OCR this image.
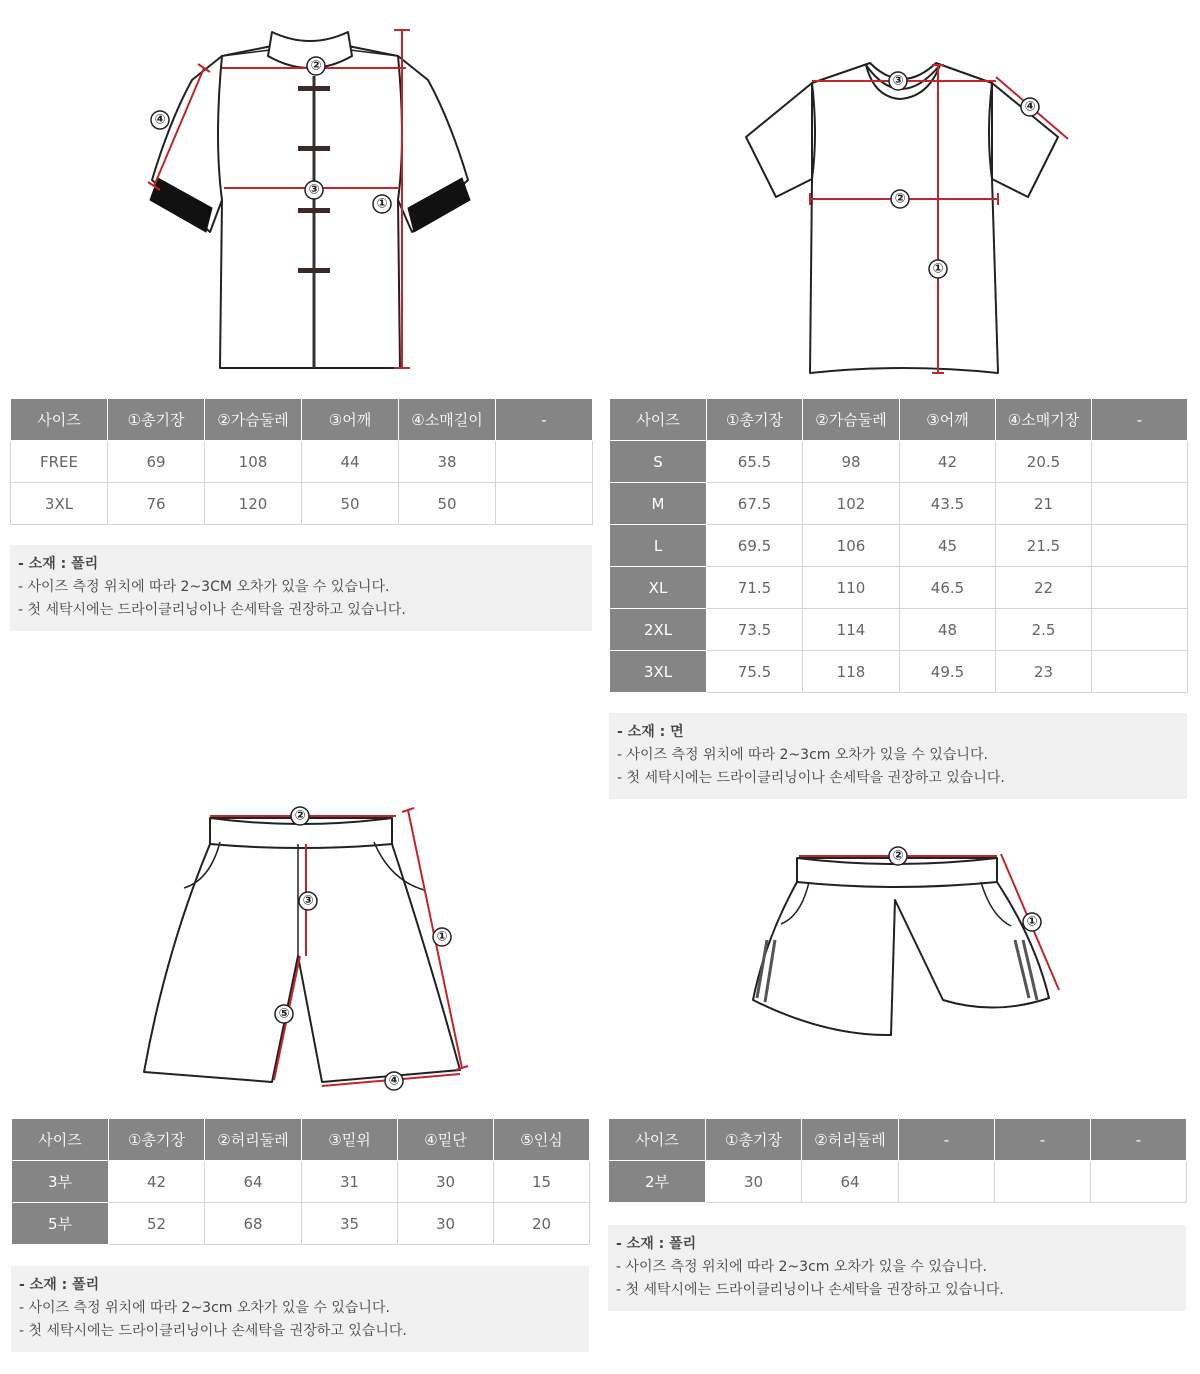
②
③
①
④
③
②
①
④
②
③
①
④
⑤
②
①
사이즈	①총기장	②가슴둘레	③어깨	④소매길이	-
FREE	69	108	44	38	
3XL	76	120	50	50	
- 소재 : 폴리
- 사이즈 측정 위치에 따라 2~3CM 오차가 있을 수 있습니다.
- 첫 세탁시에는 드라이클리닝이나 손세탁을 권장하고 있습니다.
사이즈	①총기장	②가슴둘레	③어깨	④소매기장	-
S	65.5	98	42	20.5	
M	67.5	102	43.5	21	
L	69.5	106	45	21.5	
XL	71.5	110	46.5	22	
2XL	73.5	114	48	2.5	
3XL	75.5	118	49.5	23	
- 소재 : 면
- 사이즈 측정 위치에 따라 2~3cm 오차가 있을 수 있습니다.
- 첫 세탁시에는 드라이클리닝이나 손세탁을 권장하고 있습니다.
사이즈	①총기장	②허리둘레	③밑위	④밑단	⑤인심
3부	42	64	31	30	15
5부	52	68	35	30	20
- 소재 : 폴리
- 사이즈 측정 위치에 따라 2~3cm 오차가 있을 수 있습니다.
- 첫 세탁시에는 드라이클리닝이나 손세탁을 권장하고 있습니다.
사이즈	①총기장	②허리둘레	-	-	-
2부	30	64			
- 소재 : 폴리
- 사이즈 측정 위치에 따라 2~3cm 오차가 있을 수 있습니다.
- 첫 세탁시에는 드라이클리닝이나 손세탁을 권장하고 있습니다.
